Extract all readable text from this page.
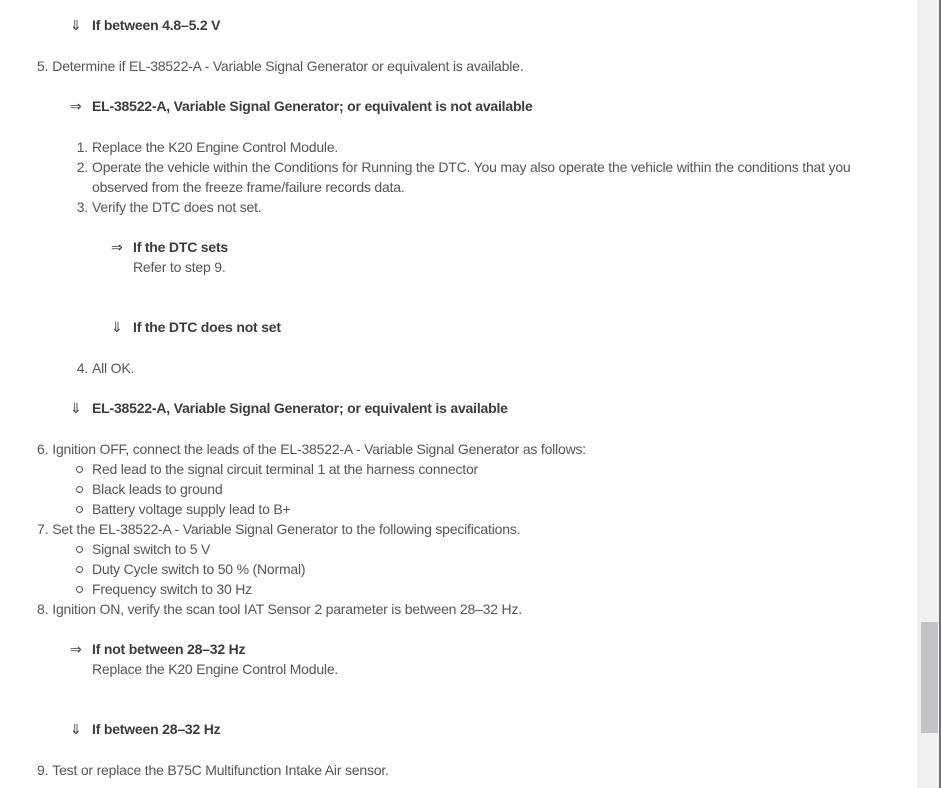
⇓ If between 4.8–5.2 V
5. Determine if EL-38522-A - Variable Signal Generator or equivalent is available.
⇒ EL-38522-A, Variable Signal Generator; or equivalent is not available
1. Replace the K20 Engine Control Module.
2. Operate the vehicle within the Conditions for Running the DTC. You may also operate the vehicle within the conditions that you observed from the freeze frame/failure records data.
3. Verify the DTC does not set.
⇒ If the DTC sets
Refer to step 9.
⇓ If the DTC does not set
4. All OK.
⇓ EL-38522-A, Variable Signal Generator; or equivalent is available
6. Ignition OFF, connect the leads of the EL-38522-A - Variable Signal Generator as follows:
Red lead to the signal circuit terminal 1 at the harness connector
Black leads to ground
Battery voltage supply lead to B+
7. Set the EL-38522-A - Variable Signal Generator to the following specifications.
Signal switch to 5 V
Duty Cycle switch to 50 % (Normal)
Frequency switch to 30 Hz
8. Ignition ON, verify the scan tool IAT Sensor 2 parameter is between 28–32 Hz.
⇒ If not between 28–32 Hz
Replace the K20 Engine Control Module.
⇓ If between 28–32 Hz
9. Test or replace the B75C Multifunction Intake Air sensor.
